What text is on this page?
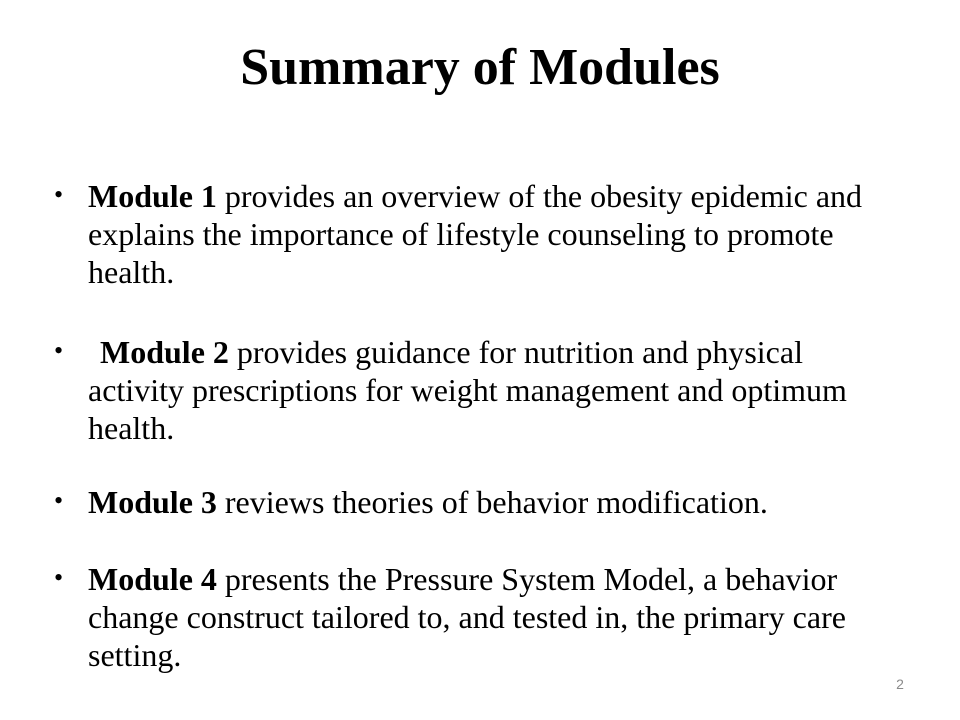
Summary of Modules
• Module 1 provides an overview of the obesity epidemic and explains the importance of lifestyle counseling to promote health.
• Module 2 provides guidance for nutrition and physical activity prescriptions for weight management and optimum health.
• Module 3 reviews theories of behavior modification.
• Module 4 presents the Pressure System Model, a behavior change construct tailored to, and tested in, the primary care setting.
2
